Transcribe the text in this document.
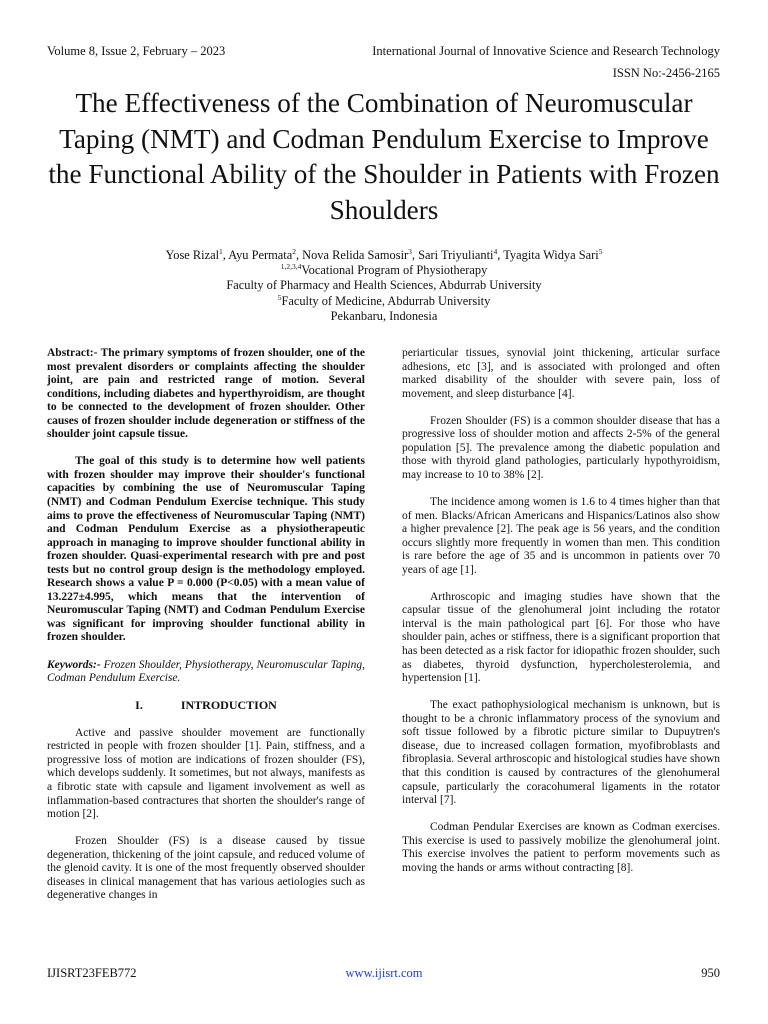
Volume 8, Issue 2, February – 2023	International Journal of Innovative Science and Research Technology
ISSN No:-2456-2165
The Effectiveness of the Combination of Neuromuscular Taping (NMT) and Codman Pendulum Exercise to Improve the Functional Ability of the Shoulder in Patients with Frozen Shoulders
Yose Rizal$^1$, Ayu Permata$^2$, Nova Relida Samosir$^3$, Sari Triyulianti$^4$, Tyagita Widya Sari$^5$
$^{1,2,3,4}$Vocational Program of Physiotherapy
Faculty of Pharmacy and Health Sciences, Abdurrab University
$^5$Faculty of Medicine, Abdurrab University
Pekanbaru, Indonesia

Abstract:- The primary symptoms of frozen shoulder, one of the most prevalent disorders or complaints affecting the shoulder joint, are pain and restricted range of motion. Several conditions, including diabetes and hyperthyroidism, are thought to be connected to the development of frozen shoulder. Other causes of frozen shoulder include degeneration or stiffness of the shoulder joint capsule tissue.

The goal of this study is to determine how well patients with frozen shoulder may improve their shoulder's functional capacities by combining the use of Neuromuscular Taping (NMT) and Codman Pendulum Exercise technique. This study aims to prove the effectiveness of Neuromuscular Taping (NMT) and Codman Pendulum Exercise as a physiotherapeutic approach in managing to improve shoulder functional ability in frozen shoulder. Quasi-experimental research with pre and post tests but no control group design is the methodology employed. Research shows a value P = 0.000 (P<0.05) with a mean value of 13.227±4.995, which means that the intervention of Neuromuscular Taping (NMT) and Codman Pendulum Exercise was significant for improving shoulder functional ability in frozen shoulder.

Keywords:- Frozen Shoulder, Physiotherapy, Neuromuscular Taping, Codman Pendulum Exercise.

I.	INTRODUCTION

Active and passive shoulder movement are functionally restricted in people with frozen shoulder [1]. Pain, stiffness, and a progressive loss of motion are indications of frozen shoulder (FS), which develops suddenly. It sometimes, but not always, manifests as a fibrotic state with capsule and ligament involvement as well as inflammation-based contractures that shorten the shoulder's range of motion [2].

Frozen Shoulder (FS) is a disease caused by tissue degeneration, thickening of the joint capsule, and reduced volume of the glenoid cavity. It is one of the most frequently observed shoulder diseases in clinical management that has various aetiologies such as degenerative changes in

periarticular tissues, synovial joint thickening, articular surface adhesions, etc [3], and is associated with prolonged and often marked disability of the shoulder with severe pain, loss of movement, and sleep disturbance [4].

Frozen Shoulder (FS) is a common shoulder disease that has a progressive loss of shoulder motion and affects 2-5% of the general population [5]. The prevalence among the diabetic population and those with thyroid gland pathologies, particularly hypothyroidism, may increase to 10 to 38% [2].

The incidence among women is 1.6 to 4 times higher than that of men. Blacks/African Americans and Hispanics/Latinos also show a higher prevalence [2]. The peak age is 56 years, and the condition occurs slightly more frequently in women than men. This condition is rare before the age of 35 and is uncommon in patients over 70 years of age [1].

Arthroscopic and imaging studies have shown that the capsular tissue of the glenohumeral joint including the rotator interval is the main pathological part [6]. For those who have shoulder pain, aches or stiffness, there is a significant proportion that has been detected as a risk factor for idiopathic frozen shoulder, such as diabetes, thyroid dysfunction, hypercholesterolemia, and hypertension [1].

The exact pathophysiological mechanism is unknown, but is thought to be a chronic inflammatory process of the synovium and soft tissue followed by a fibrotic picture similar to Dupuytren's disease, due to increased collagen formation, myofibroblasts and fibroplasia. Several arthroscopic and histological studies have shown that this condition is caused by contractures of the glenohumeral capsule, particularly the coracohumeral ligaments in the rotator interval [7].

Codman Pendular Exercises are known as Codman exercises. This exercise is used to passively mobilize the glenohumeral joint. This exercise involves the patient to perform movements such as moving the hands or arms without contracting [8].

IJISRT23FEB772	www.ijisrt.com	950
